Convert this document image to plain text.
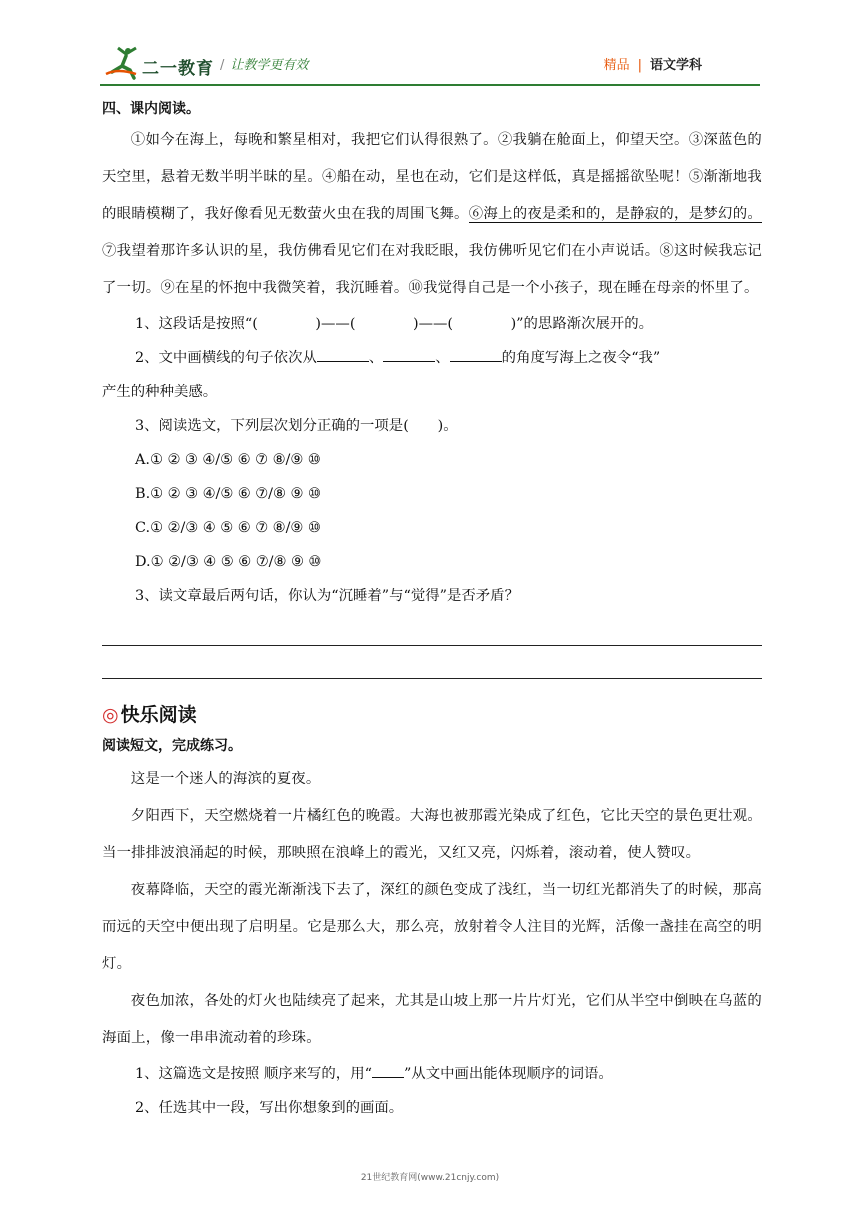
二一教育 / 让教学更有效	精品 | 语文学科
四、课内阅读。

①如今在海上，每晚和繁星相对，我把它们认得很熟了。②我躺在舱面上，仰望天空。③深蓝色的天空里，悬着无数半明半昧的星。④船在动，星也在动，它们是这样低，真是摇摇欲坠呢！⑤渐渐地我的眼睛模糊了，我好像看见无数萤火虫在我的周围飞舞。⑥海上的夜是柔和的，是静寂的，是梦幻的。⑦我望着那许多认识的星，我仿佛看见它们在对我眨眼，我仿佛听见它们在小声说话。⑧这时候我忘记了一切。⑨在星的怀抱中我微笑着，我沉睡着。⑩我觉得自己是一个小孩子，现在睡在母亲的怀里了。

1、这段话是按照“(　　　　)——(　　　　)——(　　　　)”的思路渐次展开的。

2、文中画横线的句子依次从	、	、	的角度写海上之夜令“我”

产生的种种美感。

3、阅读选文，下列层次划分正确的一项是(　　)。

A.① ② ③ ④/⑤ ⑥ ⑦ ⑧/⑨ ⑩

B.① ② ③ ④/⑤ ⑥ ⑦/⑧ ⑨ ⑩

C.① ②/③ ④ ⑤ ⑥ ⑦ ⑧/⑨ ⑩

D.① ②/③ ④ ⑤ ⑥ ⑦/⑧ ⑨ ⑩

3、读文章最后两句话，你认为“沉睡着”与“觉得”是否矛盾？

◎ 快乐阅读
阅读短文，完成练习。

这是一个迷人的海滨的夏夜。

夕阳西下，天空燃烧着一片橘红色的晚霞。大海也被那霞光染成了红色，它比天空的景色更壮观。当一排排波浪涌起的时候，那映照在浪峰上的霞光，又红又亮，闪烁着，滚动着，使人赞叹。

夜幕降临，天空的霞光渐渐浅下去了，深红的颜色变成了浅红，当一切红光都消失了的时候，那高而远的天空中便出现了启明星。它是那么大，那么亮，放射着令人注目的光辉，活像一盏挂在高空的明灯。

夜色加浓，各处的灯火也陆续亮了起来，尤其是山坡上那一片片灯光，它们从半空中倒映在乌蓝的海面上，像一串串流动着的珍珠。

1、这篇选文是按照 顺序来写的，用“ ”从文中画出能体现顺序的词语。

2、任选其中一段，写出你想象到的画面。

21世纪教育网(www.21cnjy.com)
